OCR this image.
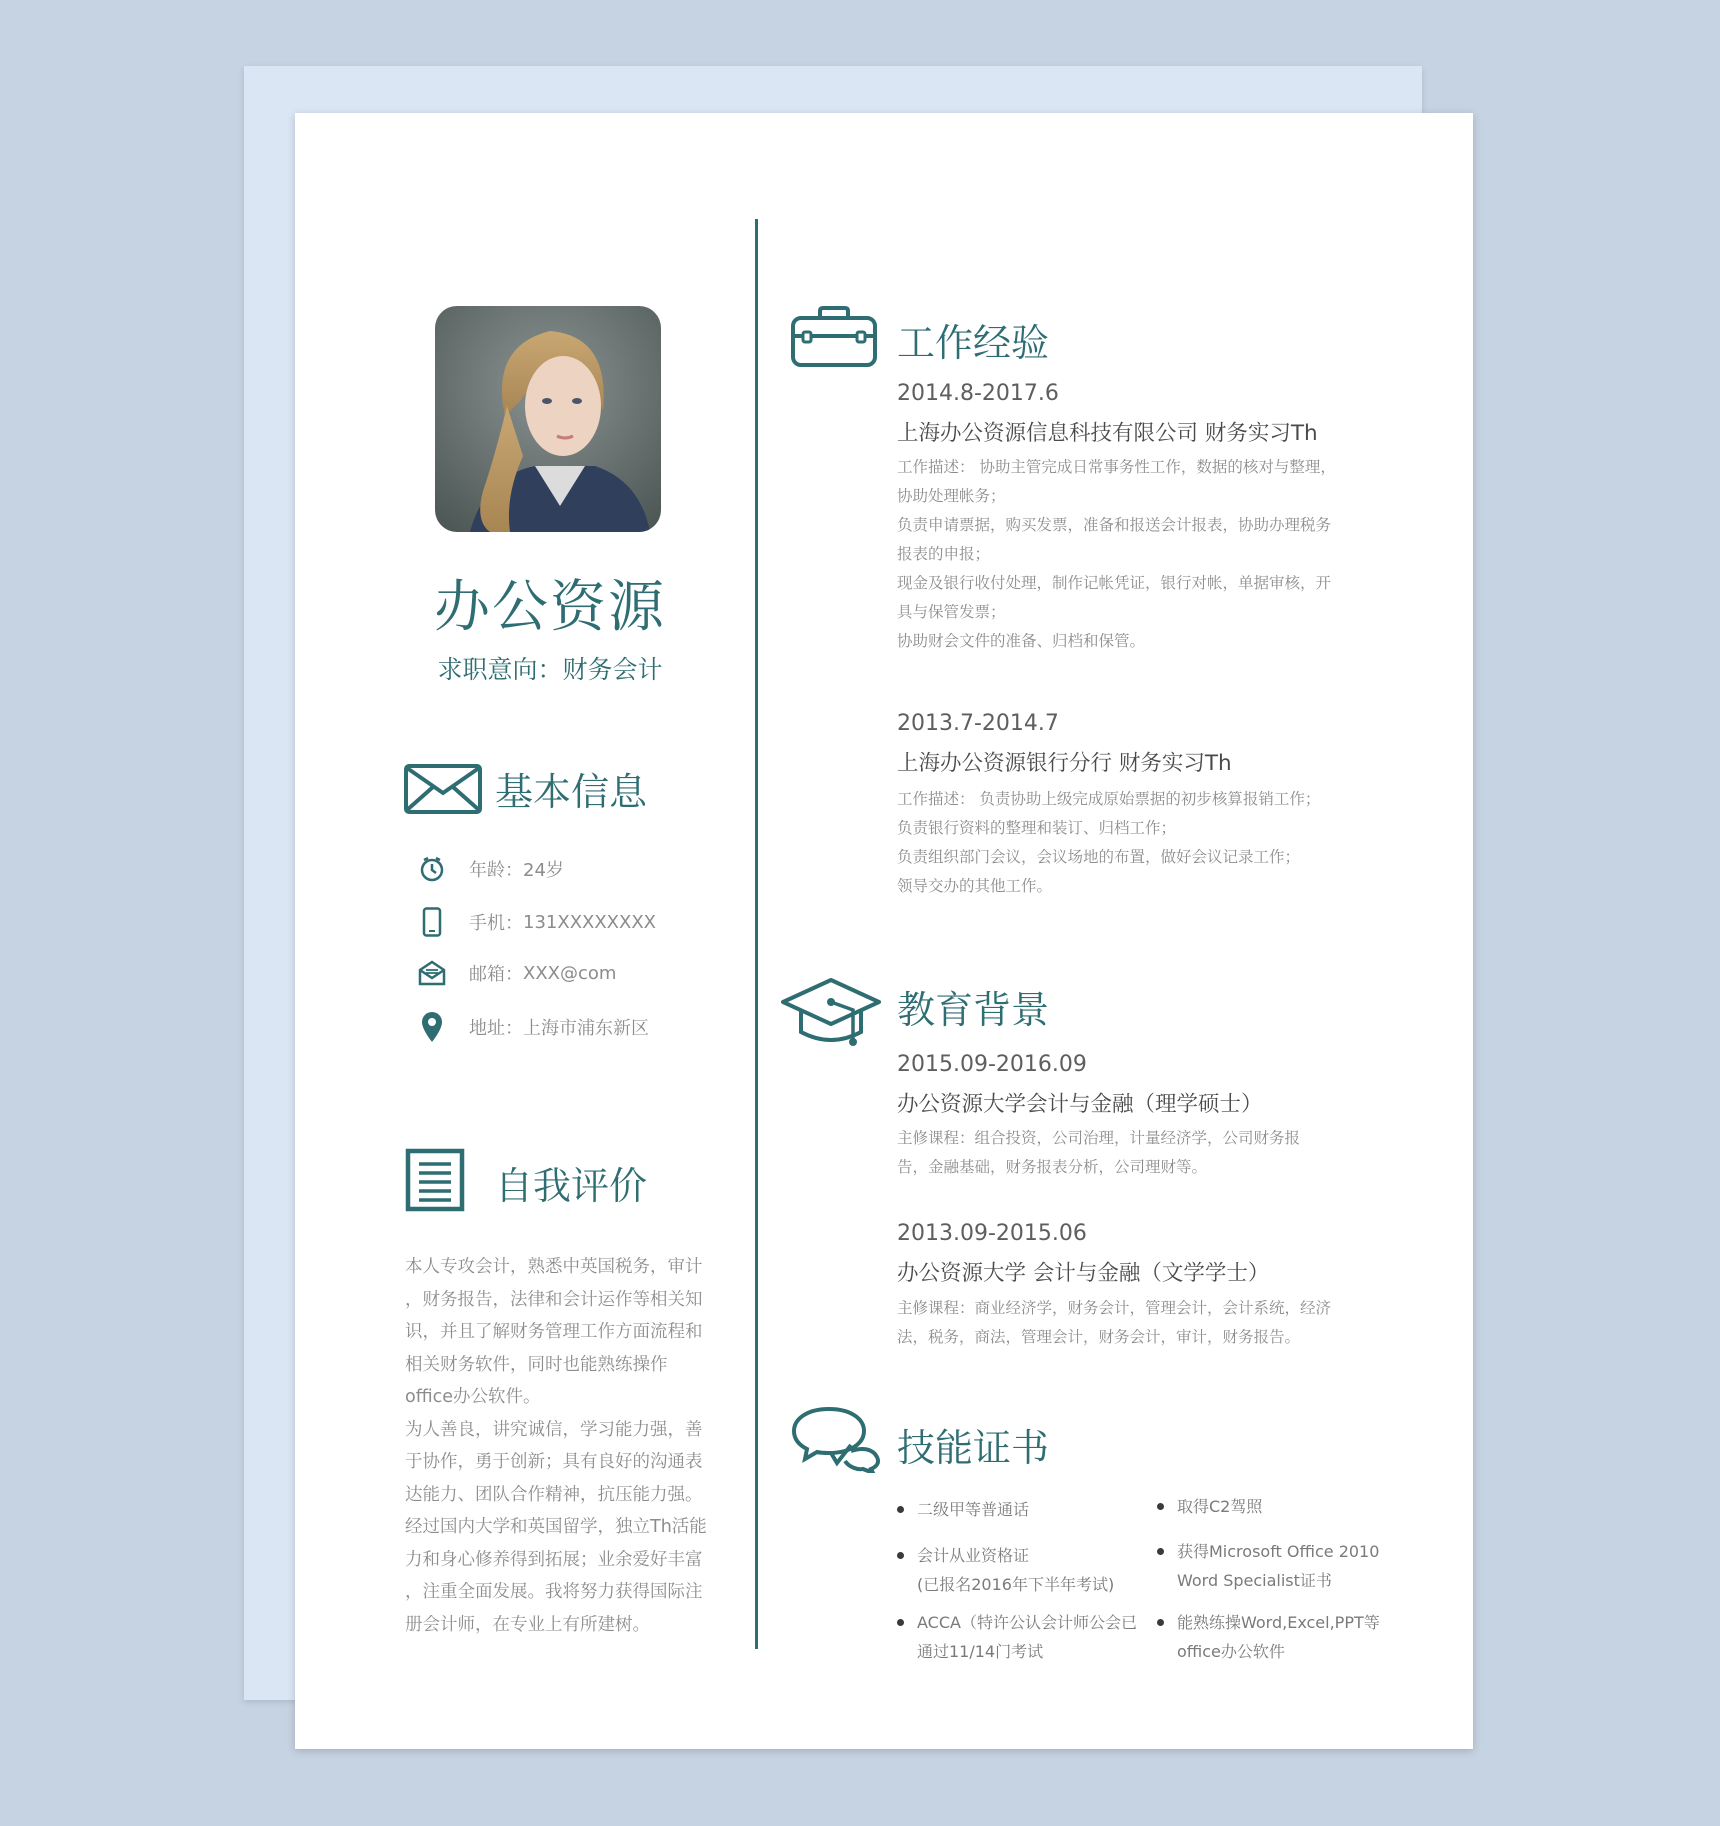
办公资源
求职意向：财务会计
基本信息
年龄： 24岁
手机： 131XXXXXXXX
邮箱： XXX@com
地址： 上海市浦东新区
自我评价

本人专攻会计，熟悉中英国税务，审计

，财务报告，法律和会计运作等相关知

识，并且了解财务管理工作方面流程和

相关财务软件，同时也能熟练操作

office办公软件。

为人善良，讲究诚信，学习能力强，善

于协作，勇于创新；具有良好的沟通表

达能力、团队合作精神，抗压能力强。

经过国内大学和英国留学，独立Th活能

力和身心修养得到拓展；业余爱好丰富

，注重全面发展。我将努力获得国际注

册会计师，在专业上有所建树。

工作经验
2014.8-2017.6
上海办公资源信息科技有限公司 财务实习Th

工作描述： 协助主管完成日常事务性工作，数据的核对与整理，

协助处理帐务；

负责申请票据，购买发票，准备和报送会计报表，协助办理税务

报表的申报；

现金及银行收付处理，制作记帐凭证，银行对帐，单据审核，开

具与保管发票；

协助财会文件的准备、归档和保管。

2013.7-2014.7
上海办公资源银行分行 财务实习Th

工作描述： 负责协助上级完成原始票据的初步核算报销工作；

负责银行资料的整理和装订、归档工作；

负责组织部门会议，会议场地的布置，做好会议记录工作；

领导交办的其他工作。

教育背景
2015.09-2016.09
办公资源大学会计与金融（理学硕士）

主修课程：组合投资，公司治理，计量经济学，公司财务报

告，金融基础，财务报表分析，公司理财等。

2013.09-2015.06
办公资源大学 会计与金融（文学学士）

主修课程：商业经济学，财务会计，管理会计，会计系统，经济

法，税务，商法，管理会计，财务会计，审计，财务报告。

技能证书

二级甲等普通话	取得C2驾照

会计从业资格证

(已报名2016年下半年考试)

获得Microsoft Office 2010

Word Specialist证书

ACCA（特许公认会计师公会已

通过11/14门考试

能熟练操Word,Excel,PPT等

office办公软件
